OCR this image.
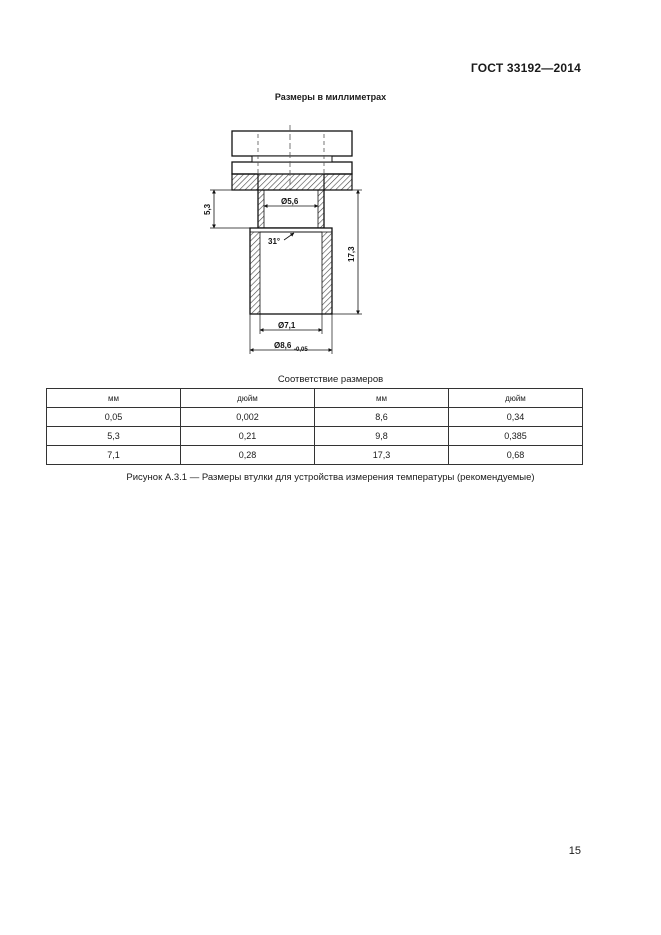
ГОСТ 33192—2014
Размеры в миллиметрах
Ø5,6
31°
5,3
17,3
Ø7,1
Ø8,6 -0,05
Соответствие размеров
мм	дюйм	мм	дюйм
0,05	0,002	8,6	0,34
5,3	0,21	9,8	0,385
7,1	0,28	17,3	0,68
Рисунок А.3.1 — Размеры втулки для устройства измерения температуры (рекомендуемые)
15
